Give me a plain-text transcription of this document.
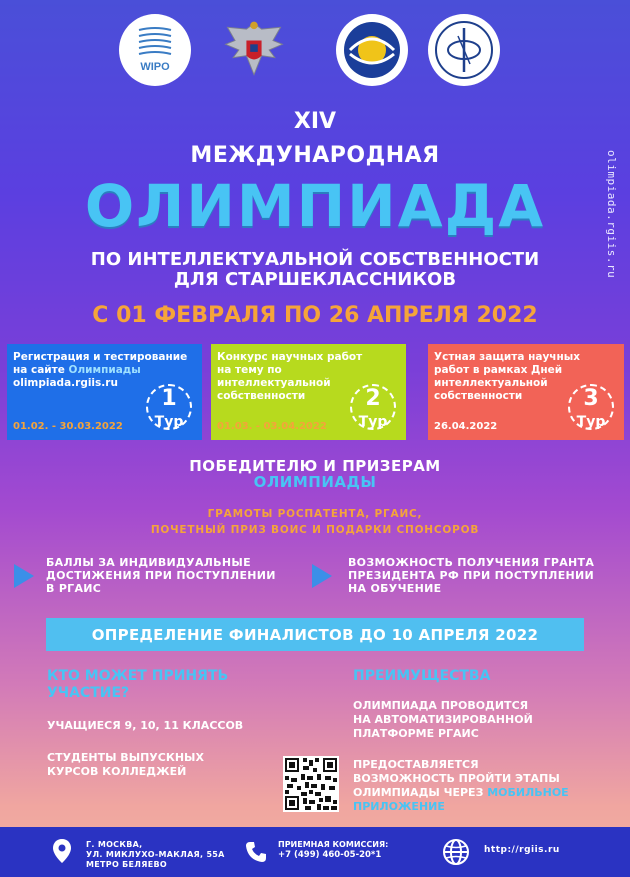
WIPO
olimpiada.rgiis.ru
XIV
МЕЖДУНАРОДНАЯ
ОЛИМПИАДА
ПО ИНТЕЛЛЕКТУАЛЬНОЙ СОБСТВЕННОСТИ
ДЛЯ СТАРШЕКЛАССНИКОВ
С 01 ФЕВРАЛЯ ПО 26 АПРЕЛЯ 2022
Регистрация и тестирование
на сайте Олимпиады
olimpiada.rgiis.ru
01.02. - 30.03.2022
1
Тур
Конкурс научных работ
на тему по интеллектуальной
собственности
01.03. - 03.04.2022
2
Тур
Устная защита научных
работ в рамках Дней
интеллектуальной
собственности
26.04.2022
3
Тур
ПОБЕДИТЕЛЮ И ПРИЗЕРАМ
ОЛИМПИАДЫ
ГРАМОТЫ РОСПАТЕНТА, РГАИС,
ПОЧЕТНЫЙ ПРИЗ ВОИС И ПОДАРКИ СПОНСОРОВ
БАЛЛЫ ЗА ИНДИВИДУАЛЬНЫЕ
ДОСТИЖЕНИЯ ПРИ ПОСТУПЛЕНИИ
В РГАИС
ВОЗМОЖНОСТЬ ПОЛУЧЕНИЯ ГРАНТА
ПРЕЗИДЕНТА РФ ПРИ ПОСТУПЛЕНИИ
НА ОБУЧЕНИЕ
ОПРЕДЕЛЕНИЕ ФИНАЛИСТОВ ДО 10 АПРЕЛЯ 2022
КТО МОЖЕТ ПРИНЯТЬ
УЧАСТИЕ?
УЧАЩИЕСЯ 9, 10, 11 КЛАССОВ
СТУДЕНТЫ ВЫПУСКНЫХ
КУРСОВ КОЛЛЕДЖЕЙ
ПРЕИМУЩЕСТВА
ОЛИМПИАДА ПРОВОДИТСЯ
НА АВТОМАТИЗИРОВАННОЙ
ПЛАТФОРМЕ РГАИС
ПРЕДОСТАВЛЯЕТСЯ
ВОЗМОЖНОСТЬ ПРОЙТИ ЭТАПЫ
ОЛИМПИАДЫ ЧЕРЕЗ МОБИЛЬНОЕ
ПРИЛОЖЕНИЕ
Г. МОСКВА,
УЛ. МИКЛУХО-МАКЛАЯ, 55А
МЕТРО БЕЛЯЕВО
ПРИЕМНАЯ КОМИССИЯ:
+7 (499) 460-05-20*1	http://rgiis.ru
